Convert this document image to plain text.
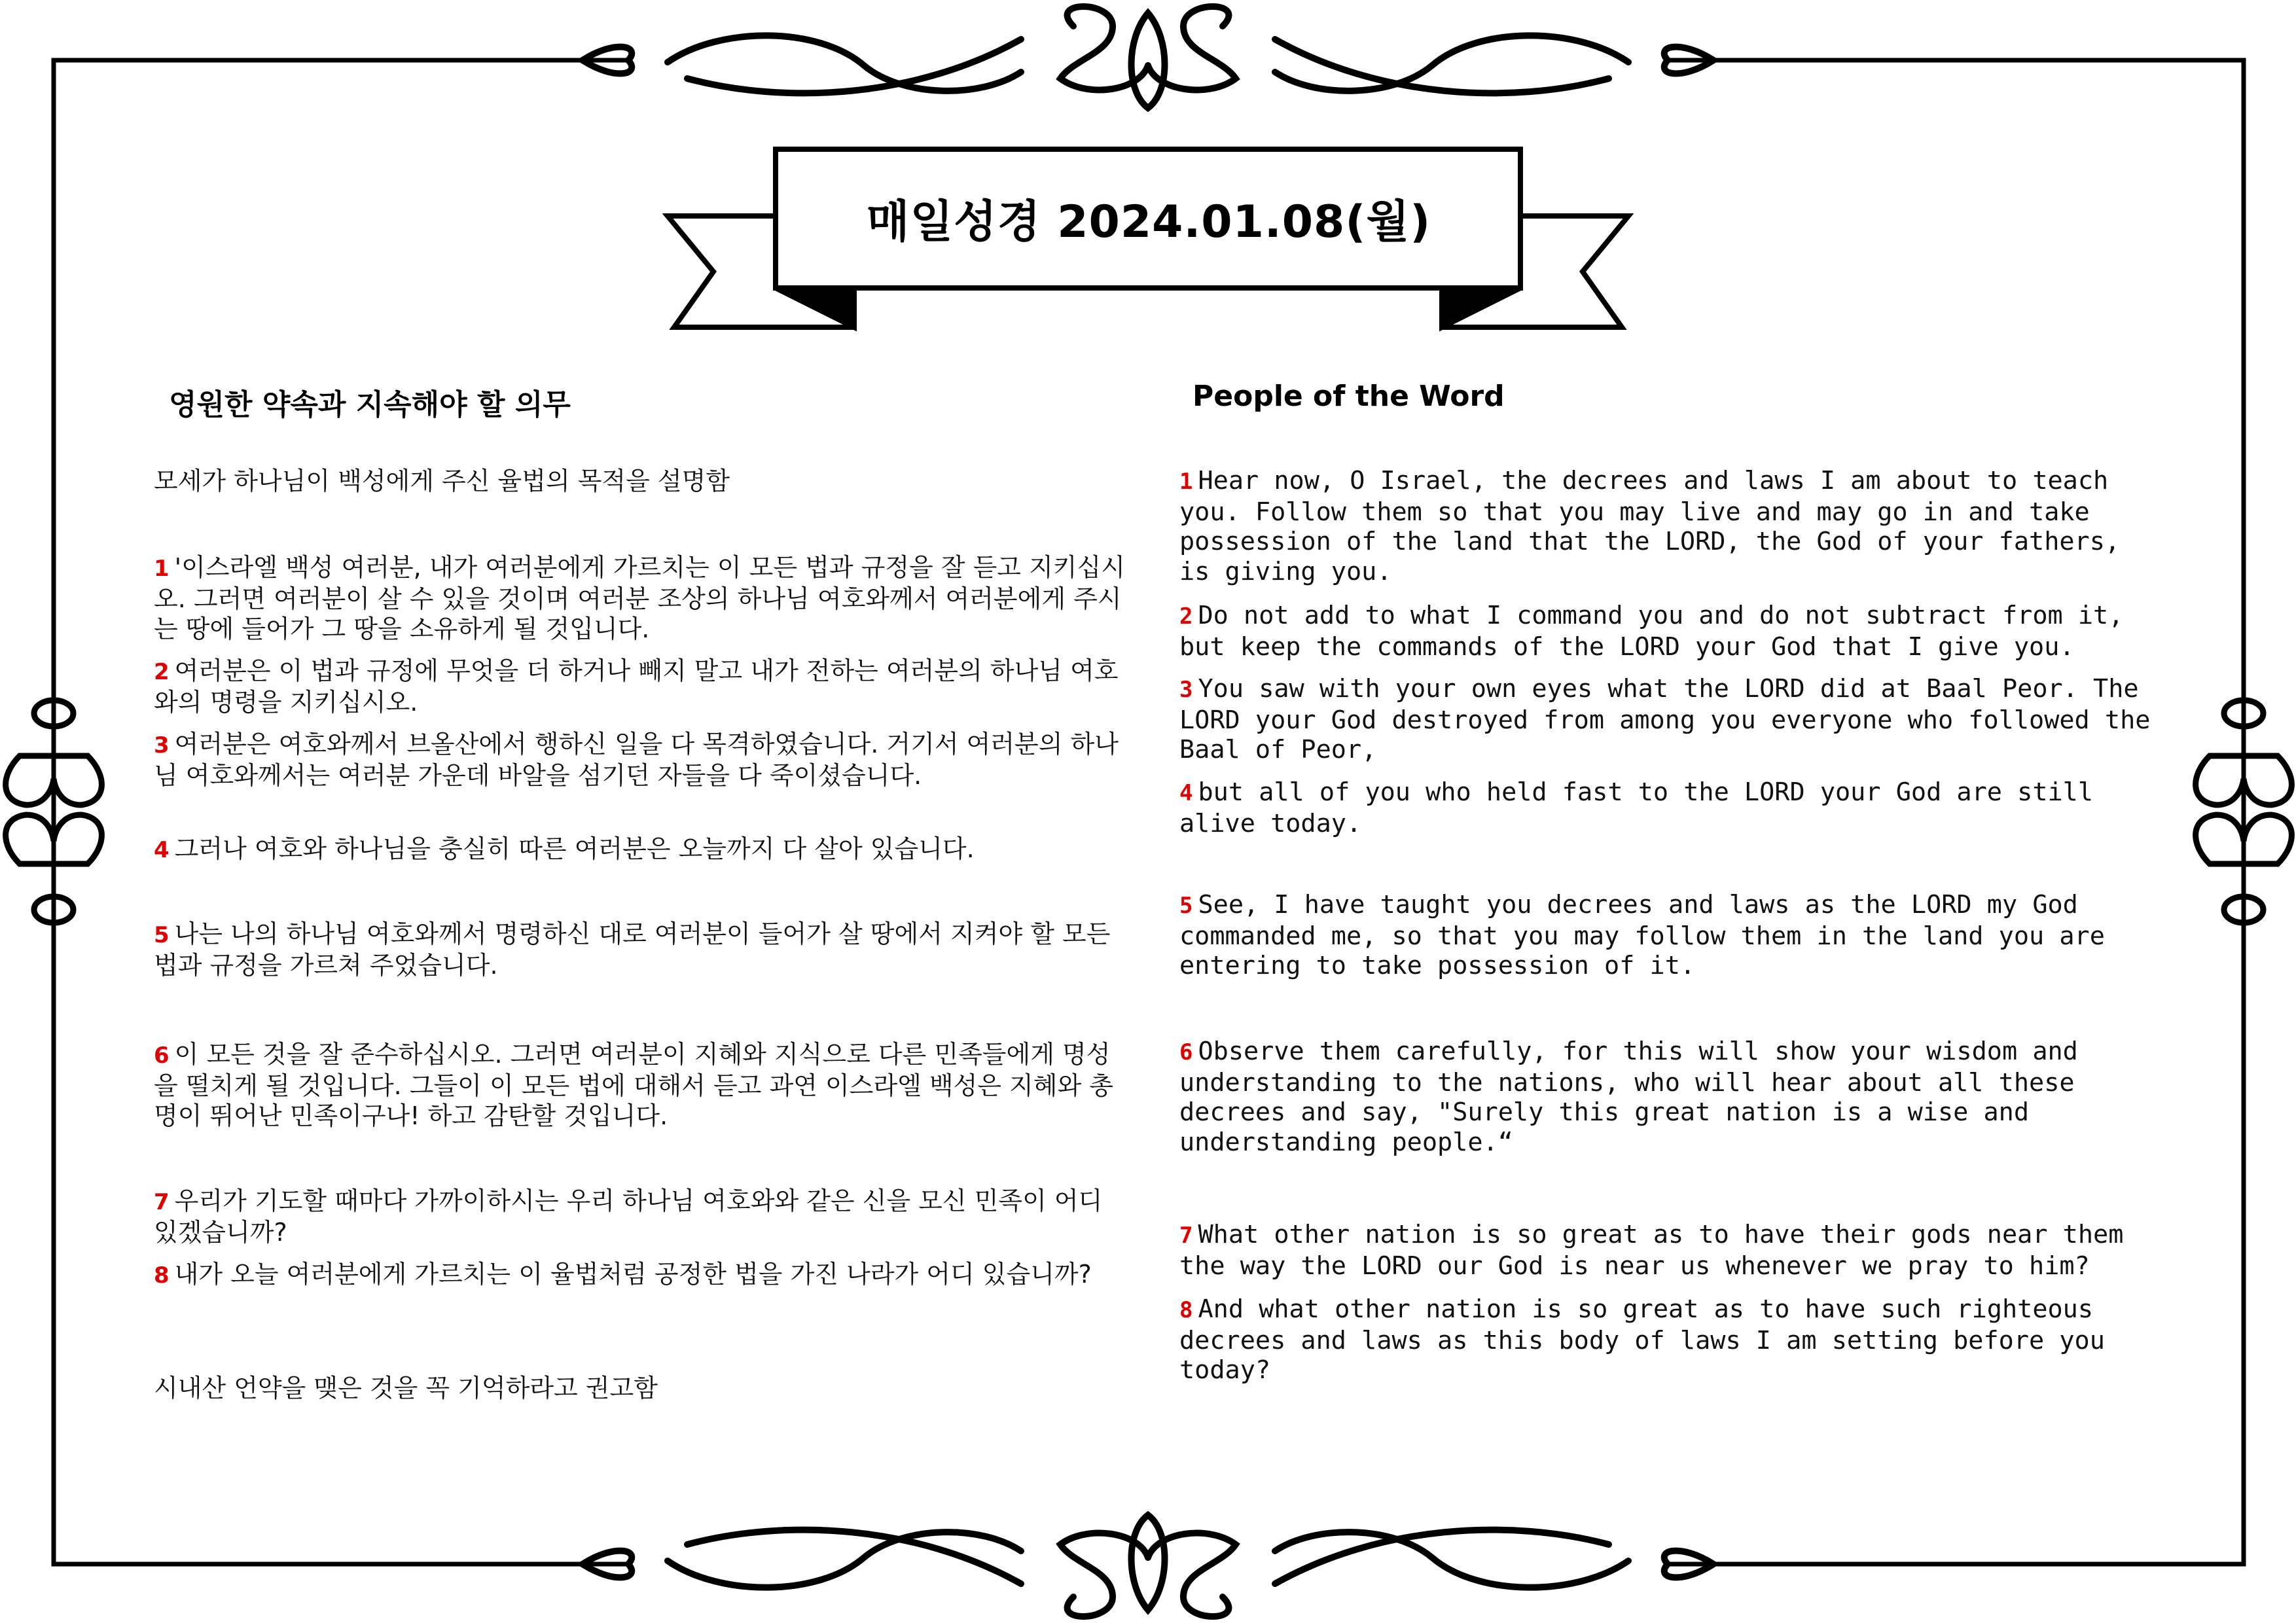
매일성경 2024.01.08(월)
영원한 약속과 지속해야 할 의무	People of the Word
모세가 하나님이 백성에게 주신 율법의 목적을 설명함
1 '이스라엘 백성 여러분, 내가 여러분에게 가르치는 이 모든 법과 규정을 잘 듣고 지키십시오. 그러면 여러분이 살 수 있을 것이며 여러분 조상의 하나님 여호와께서 여러분에게 주시는 땅에 들어가 그 땅을 소유하게 될 것입니다.
2 여러분은 이 법과 규정에 무엇을 더 하거나 빼지 말고 내가 전하는 여러분의 하나님 여호와의 명령을 지키십시오.
3 여러분은 여호와께서 브올산에서 행하신 일을 다 목격하였습니다. 거기서 여러분의 하나님 여호와께서는 여러분 가운데 바알을 섬기던 자들을 다 죽이셨습니다.
4 그러나 여호와 하나님을 충실히 따른 여러분은 오늘까지 다 살아 있습니다.
5 나는 나의 하나님 여호와께서 명령하신 대로 여러분이 들어가 살 땅에서 지켜야 할 모든 법과 규정을 가르쳐 주었습니다.
6 이 모든 것을 잘 준수하십시오. 그러면 여러분이 지혜와 지식으로 다른 민족들에게 명성을 떨치게 될 것입니다. 그들이 이 모든 법에 대해서 듣고 과연 이스라엘 백성은 지혜와 총명이 뛰어난 민족이구나! 하고 감탄할 것입니다.
7 우리가 기도할 때마다 가까이하시는 우리 하나님 여호와와 같은 신을 모신 민족이 어디 있겠습니까?
8 내가 오늘 여러분에게 가르치는 이 율법처럼 공정한 법을 가진 나라가 어디 있습니까?
시내산 언약을 맺은 것을 꼭 기억하라고 권고함
1 Hear now, O Israel, the decrees and laws I am about to teach you. Follow them so that you may live and may go in and take possession of the land that the LORD, the God of your fathers, is giving you.
2 Do not add to what I command you and do not subtract from it, but keep the commands of the LORD your God that I give you.
3 You saw with your own eyes what the LORD did at Baal Peor. The LORD your God destroyed from among you everyone who followed the Baal of Peor,
4 but all of you who held fast to the LORD your God are still alive today.
5 See, I have taught you decrees and laws as the LORD my God commanded me, so that you may follow them in the land you are entering to take possession of it.
6 Observe them carefully, for this will show your wisdom and understanding to the nations, who will hear about all these decrees and say, "Surely this great nation is a wise and understanding people.“
7 What other nation is so great as to have their gods near them the way the LORD our God is near us whenever we pray to him?
8 And what other nation is so great as to have such righteous decrees and laws as this body of laws I am setting before you today?
